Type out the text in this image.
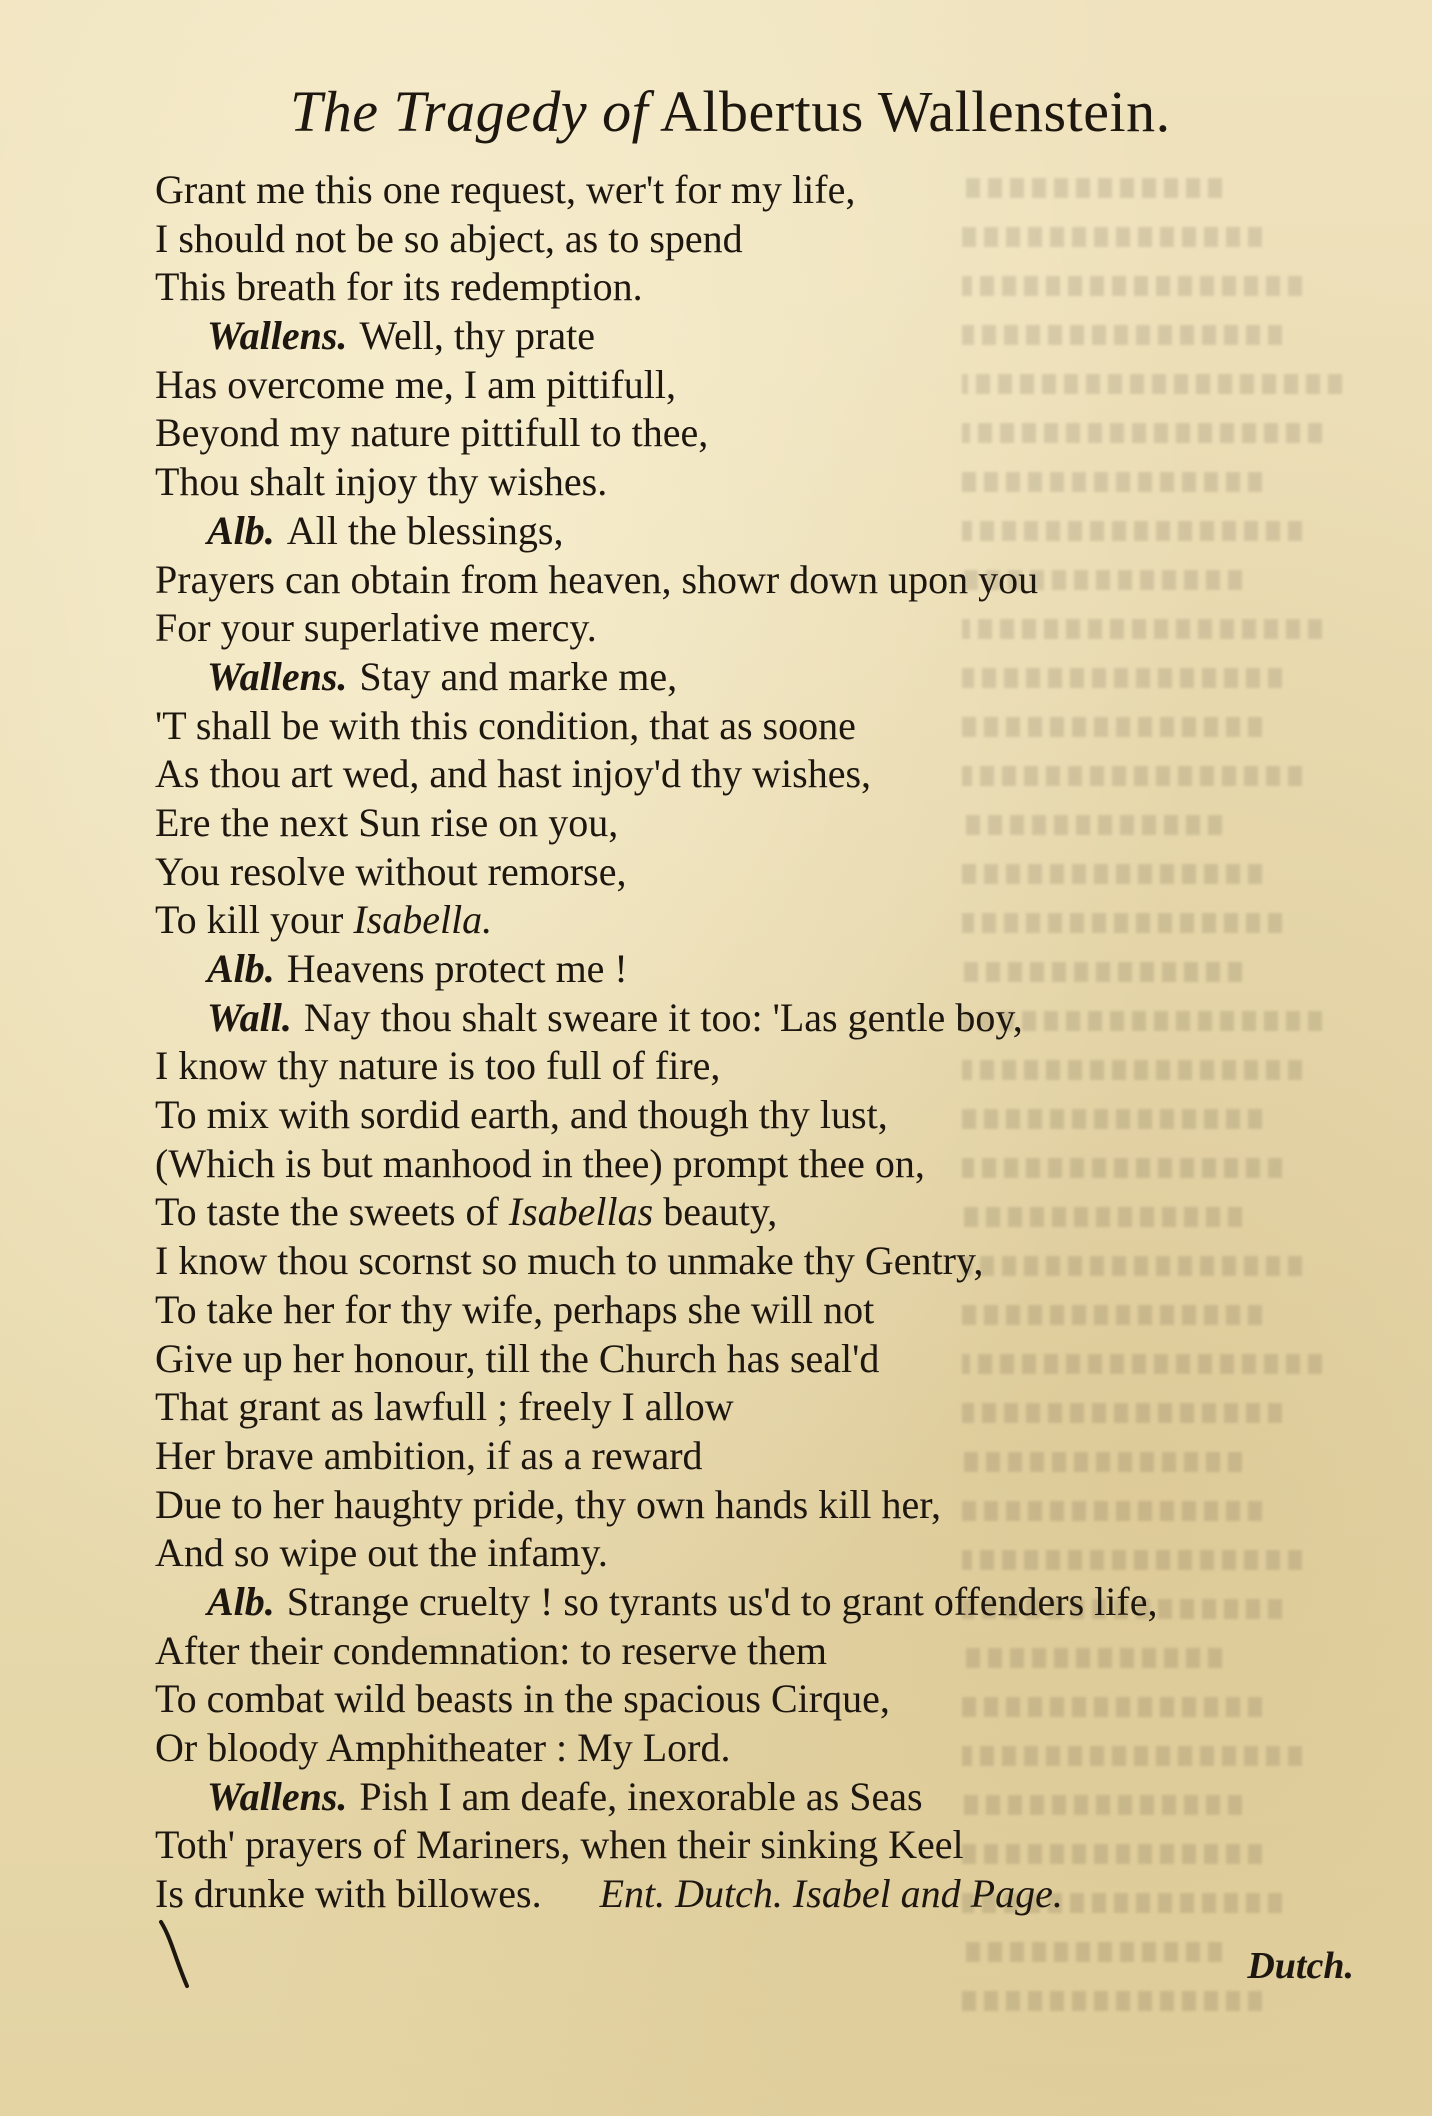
The Tragedy of Albertus Wallenstein.
Grant me this one request, wer't for my life,
I should not be so abject, as to spend
This breath for its redemption.
Wallens. Well, thy prate
Has overcome me, I am pittifull,
Beyond my nature pittifull to thee,
Thou shalt injoy thy wishes.
Alb. All the blessings,
Prayers can obtain from heaven, showr down upon you
For your superlative mercy.
Wallens. Stay and marke me,
'T shall be with this condition, that as soone
As thou art wed, and hast injoy'd thy wishes,
Ere the next Sun rise on you,
You resolve without remorse,
To kill your Isabella.
Alb. Heavens protect me !
Wall. Nay thou shalt sweare it too: 'Las gentle boy,
I know thy nature is too full of fire,
To mix with sordid earth, and though thy lust,
(Which is but manhood in thee) prompt thee on,
To taste the sweets of Isabellas beauty,
I know thou scornst so much to unmake thy Gentry,
To take her for thy wife, perhaps she will not
Give up her honour, till the Church has seal'd
That grant as lawfull ; freely I allow
Her brave ambition, if as a reward
Due to her haughty pride, thy own hands kill her,
And so wipe out the infamy.
Alb. Strange cruelty ! so tyrants us'd to grant offenders life,
After their condemnation: to reserve them
To combat wild beasts in the spacious Cirque,
Or bloody Amphitheater : My Lord.
Wallens. Pish I am deafe, inexorable as Seas
Toth' prayers of Mariners, when their sinking Keel
Is drunke with billowes. Ent. Dutch. Isabel and Page.
Dutch.
